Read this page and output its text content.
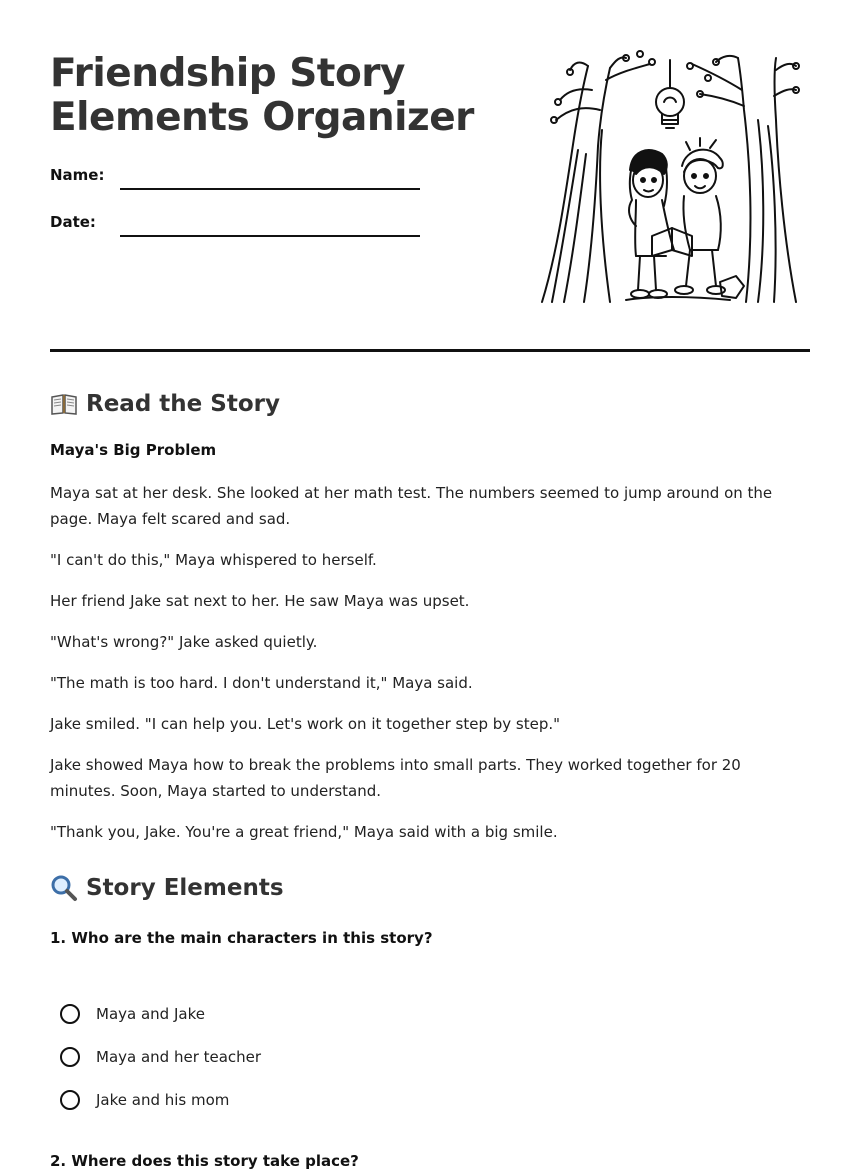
Friendship Story
Elements Organizer
Name:
Date:
Read the Story
Maya's Big Problem

Maya sat at her desk. She looked at her math test. The numbers seemed to jump around on the page. Maya felt scared and sad.

"I can't do this," Maya whispered to herself.

Her friend Jake sat next to her. He saw Maya was upset.

"What's wrong?" Jake asked quietly.

"The math is too hard. I don't understand it," Maya said.

Jake smiled. "I can help you. Let's work on it together step by step."

Jake showed Maya how to break the problems into small parts. They worked together for 20 minutes. Soon, Maya started to understand.

"Thank you, Jake. You're a great friend," Maya said with a big smile.

Story Elements
1. Who are the main characters in this story?
Maya and Jake
Maya and her teacher
Jake and his mom
2. Where does this story take place?
